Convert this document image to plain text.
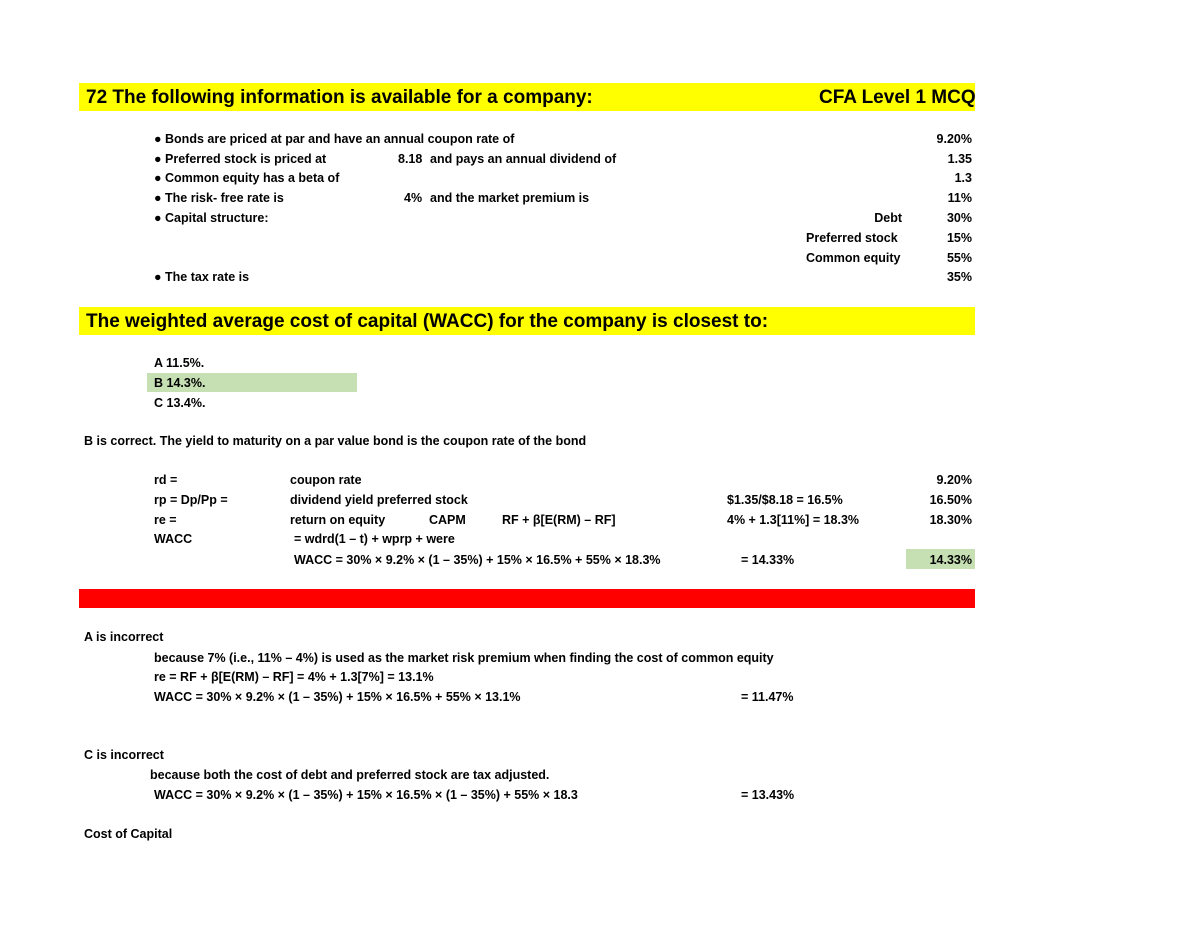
72 The following information is available for a company:	CFA Level 1 MCQ
● Bonds are priced at par and have an annual coupon rate of	9.20%
● Preferred stock is priced at	8.18 and pays an annual dividend of	1.35
● Common equity has a beta of	1.3
● The risk- free rate is	4% and the market premium is	11%
● Capital structure:	Debt	30%
Preferred stock	15%
Common equity	55%
● The tax rate is	35%
The weighted average cost of capital (WACC) for the company is closest to:
A 11.5%.
B 14.3%.
C 13.4%.
B is correct. The yield to maturity on a par value bond is the coupon rate of the bond
rd =	coupon rate	9.20%
rp = Dp/Pp =	dividend yield preferred stock	$1.35/$8.18 = 16.5%	16.50%
re =	return on equity	CAPM	RF + β[E(RM) – RF]	4% + 1.3[11%] = 18.3%	18.30%
WACC	= wdrd(1 – t) + wprp + were
WACC = 30% × 9.2% × (1 – 35%) + 15% × 16.5% + 55% × 18.3%	= 14.33%	14.33%
A is incorrect
because 7% (i.e., 11% – 4%) is used as the market risk premium when finding the cost of common equity
re = RF + β[E(RM) – RF] = 4% + 1.3[7%] = 13.1%
WACC = 30% × 9.2% × (1 – 35%) + 15% × 16.5% + 55% × 13.1%	= 11.47%
C is incorrect
because both the cost of debt and preferred stock are tax adjusted.
WACC = 30% × 9.2% × (1 – 35%) + 15% × 16.5% × (1 – 35%) + 55% × 18.3	= 13.43%
Cost of Capital
